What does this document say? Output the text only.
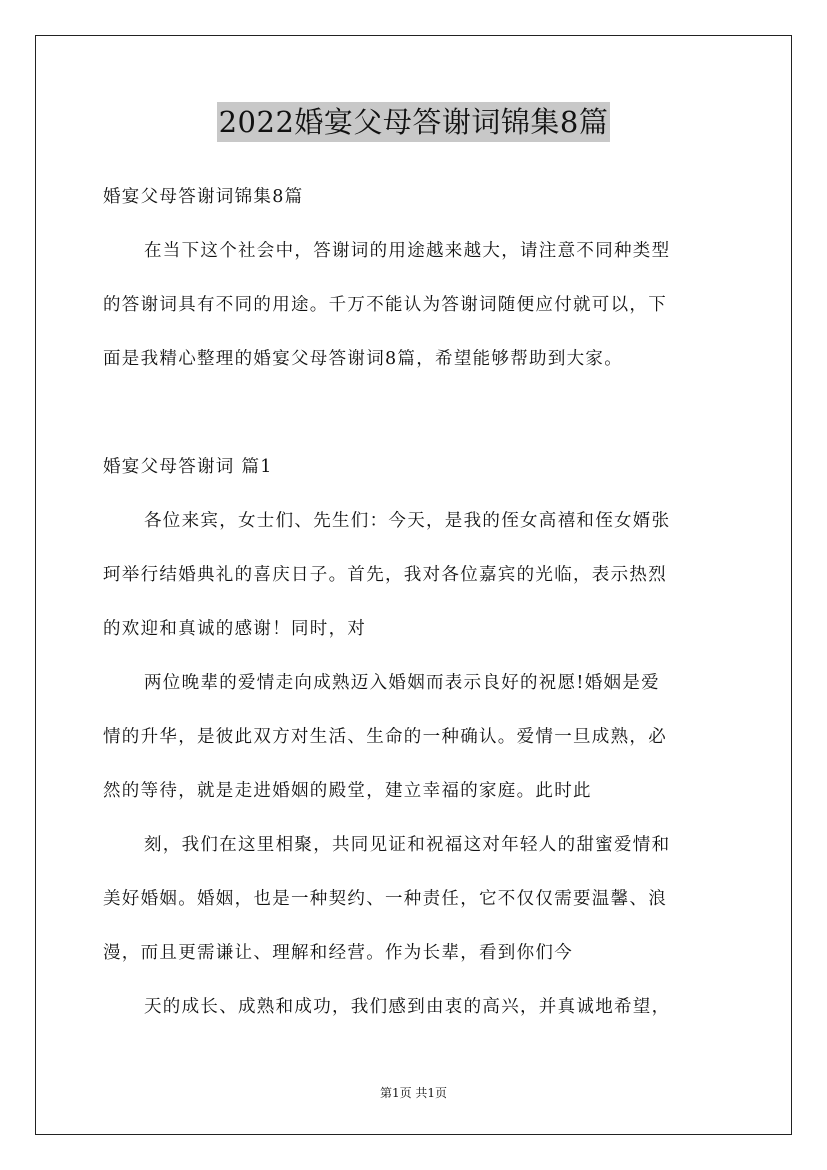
2022婚宴父母答谢词锦集8篇
婚宴父母答谢词锦集8篇
在当下这个社会中，答谢词的用途越来越大，请注意不同种类型
的答谢词具有不同的用途。千万不能认为答谢词随便应付就可以，下
面是我精心整理的婚宴父母答谢词8篇，希望能够帮助到大家。
婚宴父母答谢词 篇1
各位来宾，女士们、先生们：今天，是我的侄女高禧和侄女婿张
珂举行结婚典礼的喜庆日子。首先，我对各位嘉宾的光临，表示热烈
的欢迎和真诚的感谢！同时，对
两位晚辈的爱情走向成熟迈入婚姻而表示良好的祝愿!婚姻是爱
情的升华，是彼此双方对生活、生命的一种确认。爱情一旦成熟，必
然的等待，就是走进婚姻的殿堂，建立幸福的家庭。此时此
刻，我们在这里相聚，共同见证和祝福这对年轻人的甜蜜爱情和
美好婚姻。婚姻，也是一种契约、一种责任，它不仅仅需要温馨、浪
漫，而且更需谦让、理解和经营。作为长辈，看到你们今
天的成长、成熟和成功，我们感到由衷的高兴，并真诚地希望，
第1页 共1页
